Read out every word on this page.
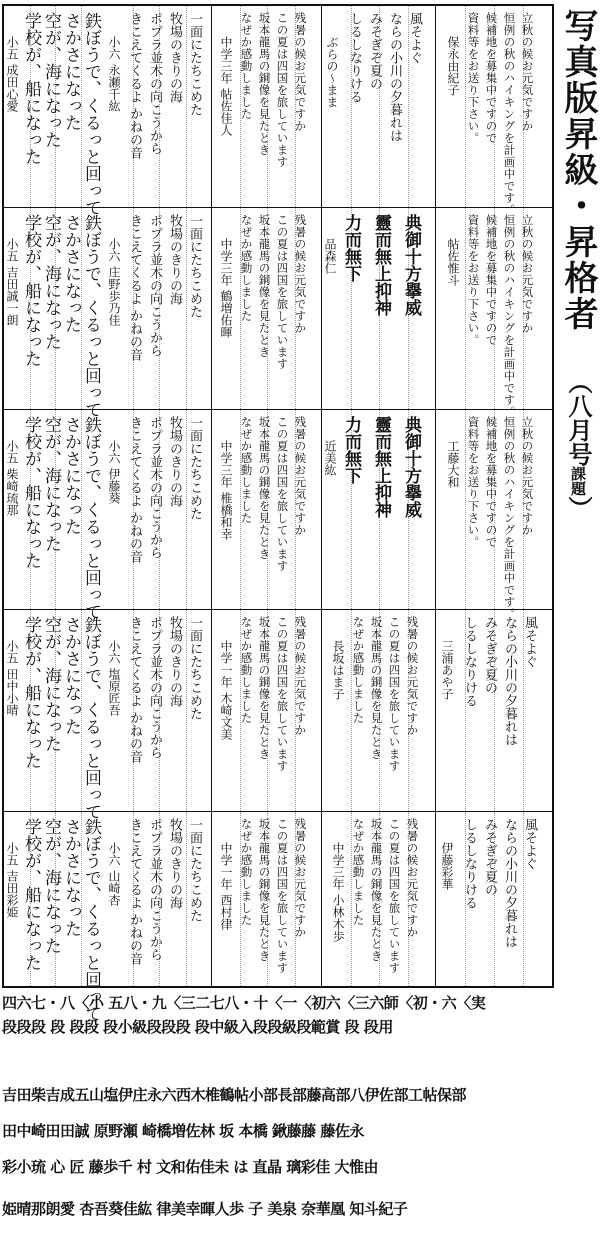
立秋の候お元気ですか
恒例の秋のハイキングを計画中です。
候補地を募集中ですので
資料等をお送り下さい。
保永由紀子
風そよぐ
ならの小川の夕暮れは
みそぎぞ夏の
しるしなりける
ぶらの〜まま
残暑の候お元気ですか
この夏は四国を旅しています
坂本龍馬の銅像を見たとき
なぜか感動しました
中学三年 帖佐佳人
一面にたちこめた
牧場のきりの海
ポプラ並木の向こうから
きこえてくるよ かねの音
小六 永瀬千紘
鉄ぼうで、くるっと回って
さかさになった
空が、海になった
学校が、船になった
小五 成田心愛
立秋の候お元気ですか
恒例の秋のハイキングを計画中です。
候補地を募集中ですので
資料等をお送り下さい。
帖佐惟斗
典御十方擧威
靈而無上抑神
力而無下
品森仁
残暑の候お元気ですか
この夏は四国を旅しています
坂本龍馬の銅像を見たとき
なぜか感動しました
中学三年 鶴増佑暉
一面にたちこめた
牧場のきりの海
ポプラ並木の向こうから
きこえてくるよ かねの音
小六 庄野歩乃佳
鉄ぼうで、くるっと回って
さかさになった
空が、海になった
学校が、船になった
小五 吉田誠一朗
立秋の候お元気ですか
恒例の秋のハイキングを計画中です。
候補地を募集中ですので
資料等をお送り下さい。
工藤大和
典御十方擧威
靈而無上抑神
力而無下
近美紘
残暑の候お元気ですか
この夏は四国を旅しています
坂本龍馬の銅像を見たとき
なぜか感動しました
中学三年 椎橋和幸
一面にたちこめた
牧場のきりの海
ポプラ並木の向こうから
きこえてくるよ かねの音
小六 伊藤葵
鉄ぼうで、くるっと回って
さかさになった
空が、海になった
学校が、船になった
小五 柴崎琉那
風そよぐ
ならの小川の夕暮れは
みそぎぞ夏の
しるしなりける
三浦あや子
残暑の候お元気ですか
この夏は四国を旅しています
坂本龍馬の銅像を見たとき
なぜか感動しました
長坂はま子
残暑の候お元気ですか
この夏は四国を旅しています
坂本龍馬の銅像を見たとき
なぜか感動しました
中学一年 木崎文美
一面にたちこめた
牧場のきりの海
ポプラ並木の向こうから
きこえてくるよ かねの音
小六 塩原匠吾
鉄ぼうで、くるっと回って
さかさになった
空が、海になった
学校が、船になった
小五 田中小晴
風そよぐ
ならの小川の夕暮れは
みそぎぞ夏の
しるしなりける
伊藤彩華
残暑の候お元気ですか
この夏は四国を旅しています
坂本龍馬の銅像を見たとき
なぜか感動しました
中学三年 小林木歩
残暑の候お元気ですか
この夏は四国を旅しています
坂本龍馬の銅像を見たとき
なぜか感動しました
中学一年 西村律
一面にたちこめた
牧場のきりの海
ポプラ並木の向こうから
きこえてくるよ かねの音
小六 山崎杏
鉄ぼうで、くるっと回って
さかさになった
空が、海になった
学校が、船になった
小五 吉田彩姫
写真版昇級・昇格者
（八月号課題）
四六七・八〈小 五八・九〈三二七八・十〈一〈初六〈三六師〈初・六〈実
段段段 段 段段 段小級段段段 段中級入段段級段範賞 段 段用
吉田柴吉成五山塩伊庄永六西木椎鶴帖小部長部藤高部八伊佐部工帖保部
田中崎田田誠 原野瀬 崎橋増佐林 坂 本橋 鍬藤藤 藤佐永
彩小琉 心 匠 藤歩千 村 文和佑佳未 は 直晶 璃彩佳 大惟由
姫晴那朗愛 杏吾葵佳紘 律美幸暉人歩 子 美泉 奈華凰 知斗紀子
